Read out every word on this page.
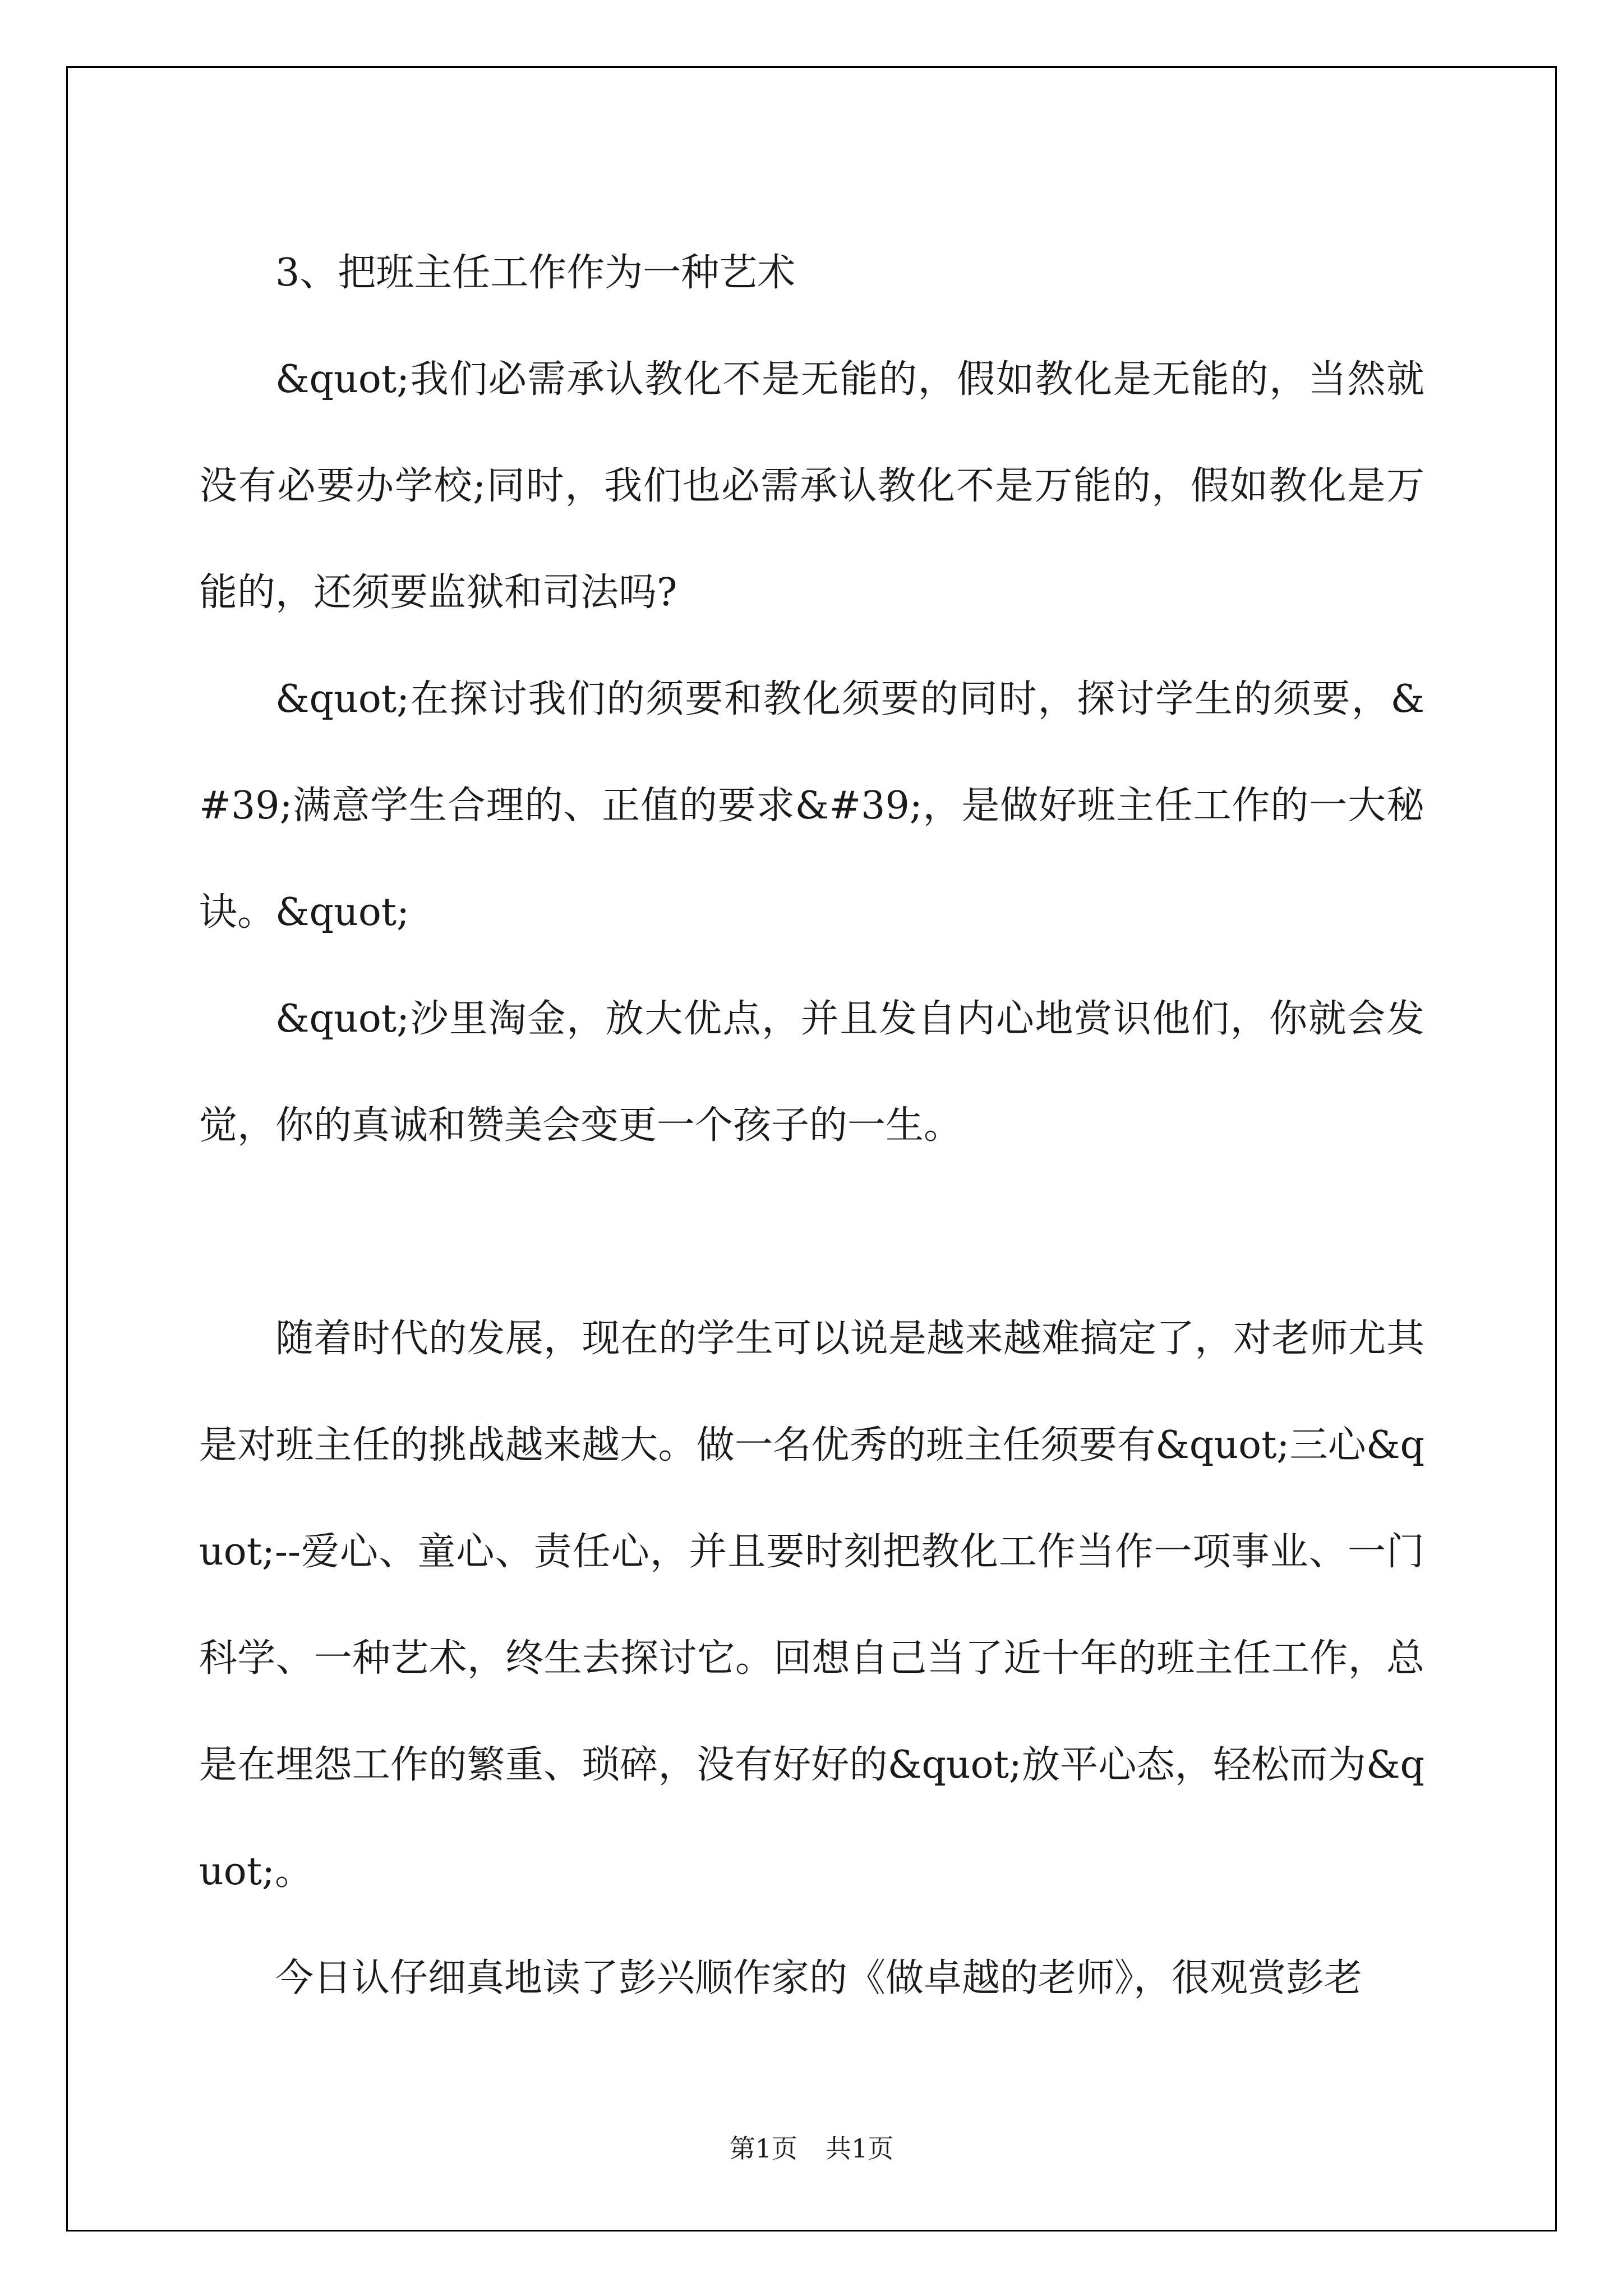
3、把班主任工作作为一种艺术

&quot;我们必需承认教化不是无能的，假如教化是无能的，当然就没有必要办学校;同时，我们也必需承认教化不是万能的，假如教化是万能的，还须要监狱和司法吗?

&quot;在探讨我们的须要和教化须要的同时，探讨学生的须要，&#39;满意学生合理的、正值的要求&#39;，是做好班主任工作的一大秘诀。&quot;

&quot;沙里淘金，放大优点，并且发自内心地赏识他们，你就会发觉，你的真诚和赞美会变更一个孩子的一生。

随着时代的发展，现在的学生可以说是越来越难搞定了，对老师尤其是对班主任的挑战越来越大。做一名优秀的班主任须要有&quot;三心&quot;--爱心、童心、责任心，并且要时刻把教化工作当作一项事业、一门科学、一种艺术，终生去探讨它。回想自己当了近十年的班主任工作，总是在埋怨工作的繁重、琐碎，没有好好的&quot;放平心态，轻松而为&quot;。

今日认仔细真地读了彭兴顺作家的《做卓越的老师》，很观赏彭老

第1页 共1页
